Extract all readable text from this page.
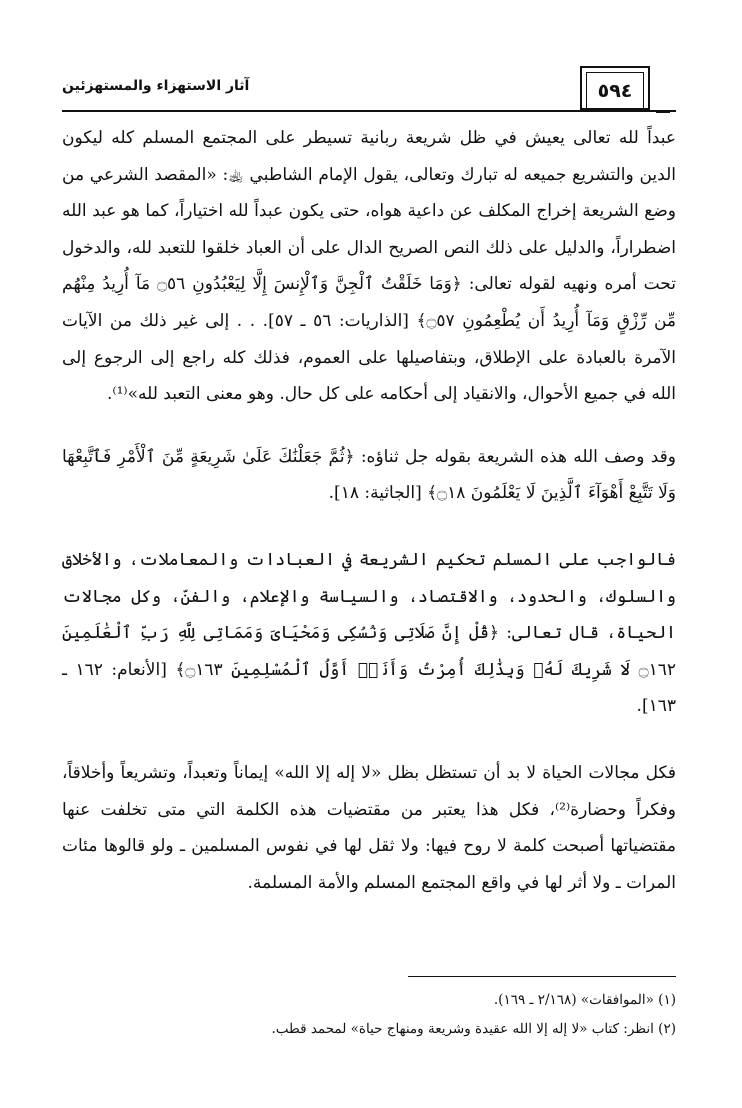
آثار الاستهزاء والمستهزئين	٥٩٤

عبداً لله تعالى يعيش في ظل شريعة ربانية تسيطر على المجتمع المسلم كله ليكون الدين والتشريع جميعه له تبارك وتعالى، يقول الإمام الشاطبي ﵀: «المقصد الشرعي من وضع الشريعة إخراج المكلف عن داعية هواه، حتى يكون عبداً لله اختياراً، كما هو عبد الله اضطراراً، والدليل على ذلك النص الصريح الدال على أن العباد خلقوا للتعبد لله، والدخول تحت أمره ونهيه لقوله تعالى: ﴿وَمَا خَلَقْتُ ٱلْجِنَّ وَٱلْإِنسَ إِلَّا لِيَعْبُدُونِ ۝٥٦ مَآ أُرِيدُ مِنْهُم مِّن رِّزْقٍ وَمَآ أُرِيدُ أَن يُطْعِمُونِ ۝٥٧﴾ [الذاريات: ٥٦ ـ ٥٧]. . . إلى غير ذلك من الآيات الآمرة بالعبادة على الإطلاق، وبتفاصيلها على العموم، فذلك كله راجع إلى الرجوع إلى الله في جميع الأحوال، والانقياد إلى أحكامه على كل حال. وهو معنى التعبد لله»⁽¹⁾.

وقد وصف الله هذه الشريعة بقوله جل ثناؤه: ﴿ثُمَّ جَعَلْنَٰكَ عَلَىٰ شَرِيعَةٍ مِّنَ ٱلْأَمْرِ فَٱتَّبِعْهَا وَلَا تَتَّبِعْ أَهْوَآءَ ٱلَّذِينَ لَا يَعْلَمُونَ ۝١٨﴾ [الجاثية: ١٨].

فالواجب على المسلم تحكيم الشريعة في العبادات والمعاملات، والأخلاق والسلوك، والحدود، والاقتصاد، والسياسة والإعلام، والفنّ، وكل مجالات الحياة، قال تعالى: ﴿قُلْ إِنَّ صَلَاتِى وَنُسُكِى وَمَحْيَاىَ وَمَمَاتِى لِلَّهِ رَبِّ ٱلْعَٰلَمِينَ ۝١٦٢ لَا شَرِيكَ لَهُۥ وَبِذَٰلِكَ أُمِرْتُ وَأَنَا۠ أَوَّلُ ٱلْمُسْلِمِينَ ۝١٦٣﴾ [الأنعام: ١٦٢ ـ ١٦٣].

فكل مجالات الحياة لا بد أن تستظل بظل «لا إله إلا الله» إيماناً وتعبداً، وتشريعاً وأخلاقاً، وفكراً وحضارة⁽²⁾، فكل هذا يعتبر من مقتضيات هذه الكلمة التي متى تخلفت عنها مقتضياتها أصبحت كلمة لا روح فيها: ولا ثقل لها في نفوس المسلمين ـ ولو قالوها مئات المرات ـ ولا أثر لها في واقع المجتمع المسلم والأمة المسلمة.

(١) «الموافقات» (٢/١٦٨ ـ ١٦٩).

(٢) انظر: كتاب «لا إله إلا الله عقيدة وشريعة ومنهاج حياة» لمحمد قطب.
